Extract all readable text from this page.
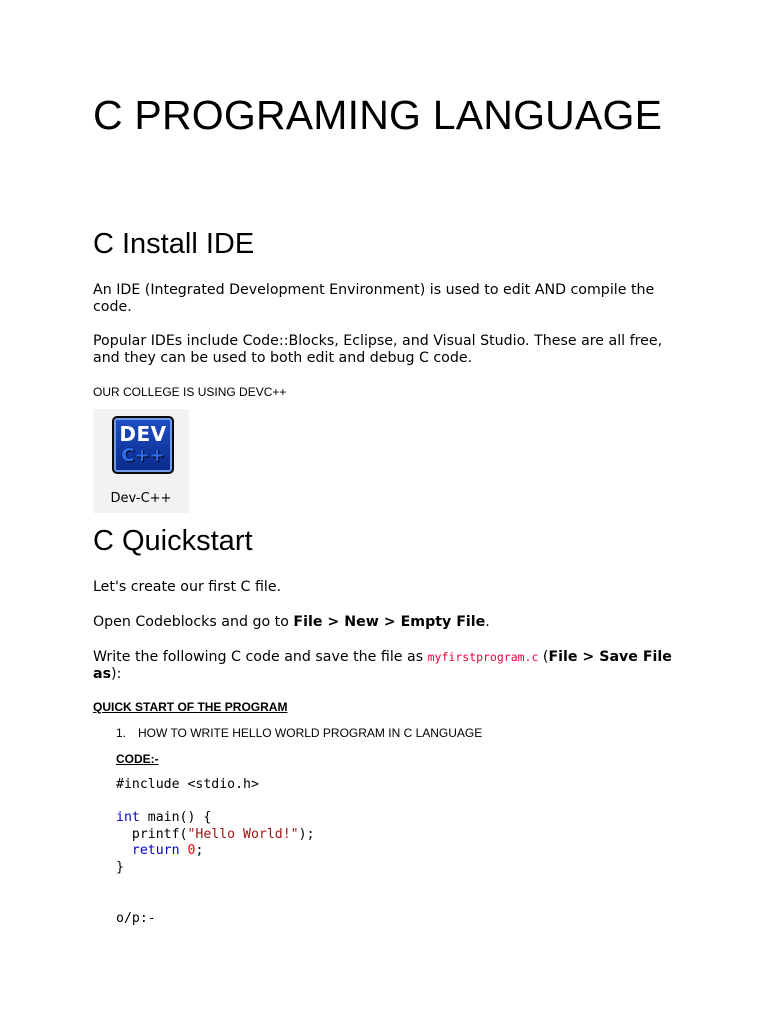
C PROGRAMING LANGUAGE
C Install IDE

An IDE (Integrated Development Environment) is used to edit AND compile the code.

Popular IDEs include Code::Blocks, Eclipse, and Visual Studio. These are all free, and they can be used to both edit and debug C code.

OUR COLLEGE IS USING DEVC++

DEV
C++
Dev-C++
C Quickstart

Let's create our first C file.

Open Codeblocks and go to File > New > Empty File.

Write the following C code and save the file as myfirstprogram.c (File > Save File as):

QUICK START OF THE PROGRAM

1. HOW TO WRITE HELLO WORLD PROGRAM IN C LANGUAGE

CODE:-

#include <stdio.h>

int main() {
printf("Hello World!");
return 0;
}
o/p:-
